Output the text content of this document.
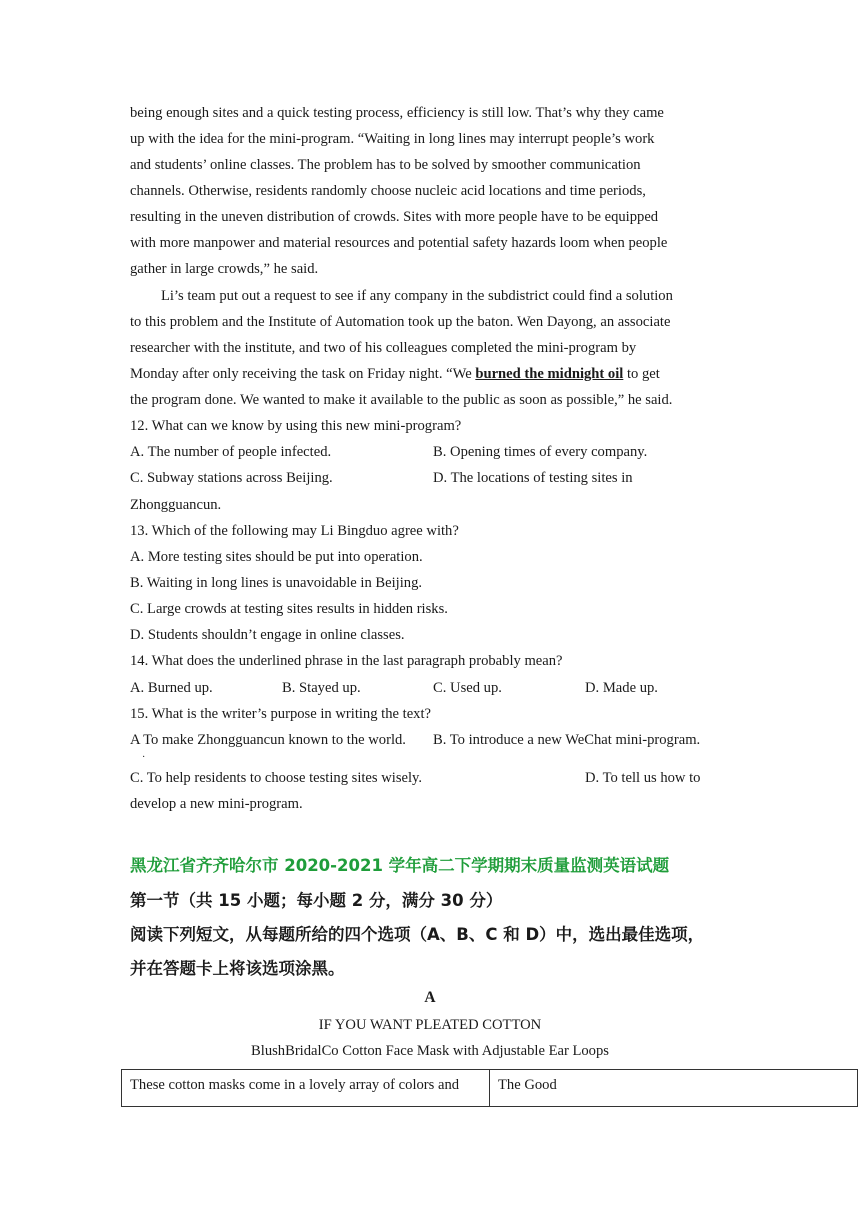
being enough sites and a quick testing process, efficiency is still low. That’s why they came
up with the idea for the mini-program. “Waiting in long lines may interrupt people’s work
and students’ online classes. The problem has to be solved by smoother communication
channels. Otherwise, residents randomly choose nucleic acid locations and time periods,
resulting in the uneven distribution of crowds. Sites with more people have to be equipped
with more manpower and material resources and potential safety hazards loom when people
gather in large crowds,” he said.
Li’s team put out a request to see if any company in the subdistrict could find a solution
to this problem and the Institute of Automation took up the baton. Wen Dayong, an associate
researcher with the institute, and two of his colleagues completed the mini-program by
Monday after only receiving the task on Friday night. “We burned the midnight oil to get
the program done. We wanted to make it available to the public as soon as possible,” he said.
12. What can we know by using this new mini-program?
A. The number of people infected.	B. Opening times of every company.
C. Subway stations across Beijing.	D. The locations of testing sites in
Zhongguancun.
13. Which of the following may Li Bingduo agree with?
A. More testing sites should be put into operation.
B. Waiting in long lines is unavoidable in Beijing.
C. Large crowds at testing sites results in hidden risks.
D. Students shouldn’t engage in online classes.
14. What does the underlined phrase in the last paragraph probably mean?
A. Burned up.	B. Stayed up.	C. Used up.	D. Made up.
15. What is the writer’s purpose in writing the text?
A To make Zhongguancun known to the world.
·
B. To introduce a new WeChat mini-program.
C. To help residents to choose testing sites wisely.	D. To tell us how to
develop a new mini-program.
黑龙江省齐齐哈尔市 2020-2021 学年高二下学期期末质量监测英语试题
第一节（共 15 小题；每小题 2 分，满分 30 分）
阅读下列短文，从每题所给的四个选项（A、B、C 和 D）中，选出最佳选项，
并在答题卡上将该选项涂黑。
A
IF YOU WANT PLEATED COTTON
BlushBridalCo Cotton Face Mask with Adjustable Ear Loops
These cotton masks come in a lovely array of colors and	The Good
